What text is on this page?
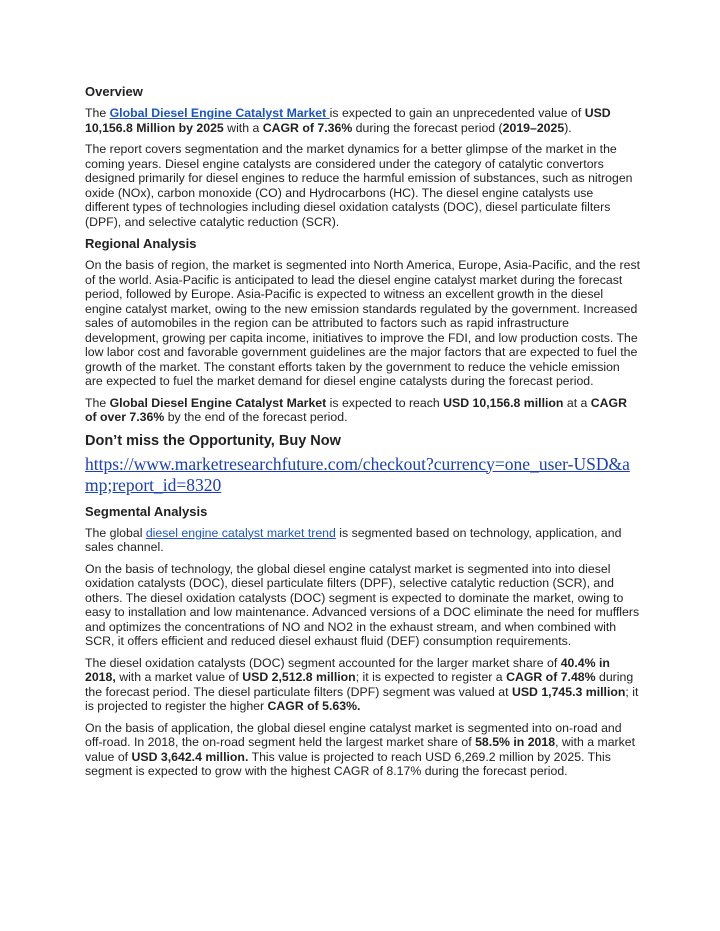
Overview

The Global Diesel Engine Catalyst Market is expected to gain an unprecedented value of USD 10,156.8 Million by 2025 with a CAGR of 7.36% during the forecast period (2019–2025).

The report covers segmentation and the market dynamics for a better glimpse of the market in the coming years. Diesel engine catalysts are considered under the category of catalytic convertors designed primarily for diesel engines to reduce the harmful emission of substances, such as nitrogen oxide (NOx), carbon monoxide (CO) and Hydrocarbons (HC). The diesel engine catalysts use different types of technologies including diesel oxidation catalysts (DOC), diesel particulate filters (DPF), and selective catalytic reduction (SCR).

Regional Analysis

On the basis of region, the market is segmented into North America, Europe, Asia-Pacific, and the rest of the world. Asia-Pacific is anticipated to lead the diesel engine catalyst market during the forecast period, followed by Europe. Asia-Pacific is expected to witness an excellent growth in the diesel engine catalyst market, owing to the new emission standards regulated by the government. Increased sales of automobiles in the region can be attributed to factors such as rapid infrastructure development, growing per capita income, initiatives to improve the FDI, and low production costs. The low labor cost and favorable government guidelines are the major factors that are expected to fuel the growth of the market. The constant efforts taken by the government to reduce the vehicle emission are expected to fuel the market demand for diesel engine catalysts during the forecast period.

The Global Diesel Engine Catalyst Market is expected to reach USD 10,156.8 million at a CAGR of over 7.36% by the end of the forecast period.

Don’t miss the Opportunity, Buy Now
https://www.marketresearchfuture.com/checkout?currency=one_user-USD&amp;report_id=8320
Segmental Analysis

The global diesel engine catalyst market trend is segmented based on technology, application, and sales channel.

On the basis of technology, the global diesel engine catalyst market is segmented into into diesel oxidation catalysts (DOC), diesel particulate filters (DPF), selective catalytic reduction (SCR), and others. The diesel oxidation catalysts (DOC) segment is expected to dominate the market, owing to easy to installation and low maintenance. Advanced versions of a DOC eliminate the need for mufflers and optimizes the concentrations of NO and NO2 in the exhaust stream, and when combined with SCR, it offers efficient and reduced diesel exhaust fluid (DEF) consumption requirements.

The diesel oxidation catalysts (DOC) segment accounted for the larger market share of 40.4% in 2018, with a market value of USD 2,512.8 million; it is expected to register a CAGR of 7.48% during the forecast period. The diesel particulate filters (DPF) segment was valued at USD 1,745.3 million; it is projected to register the higher CAGR of 5.63%.

On the basis of application, the global diesel engine catalyst market is segmented into on-road and off-road. In 2018, the on-road segment held the largest market share of 58.5% in 2018, with a market value of USD 3,642.4 million. This value is projected to reach USD 6,269.2 million by 2025. This segment is expected to grow with the highest CAGR of 8.17% during the forecast period.
